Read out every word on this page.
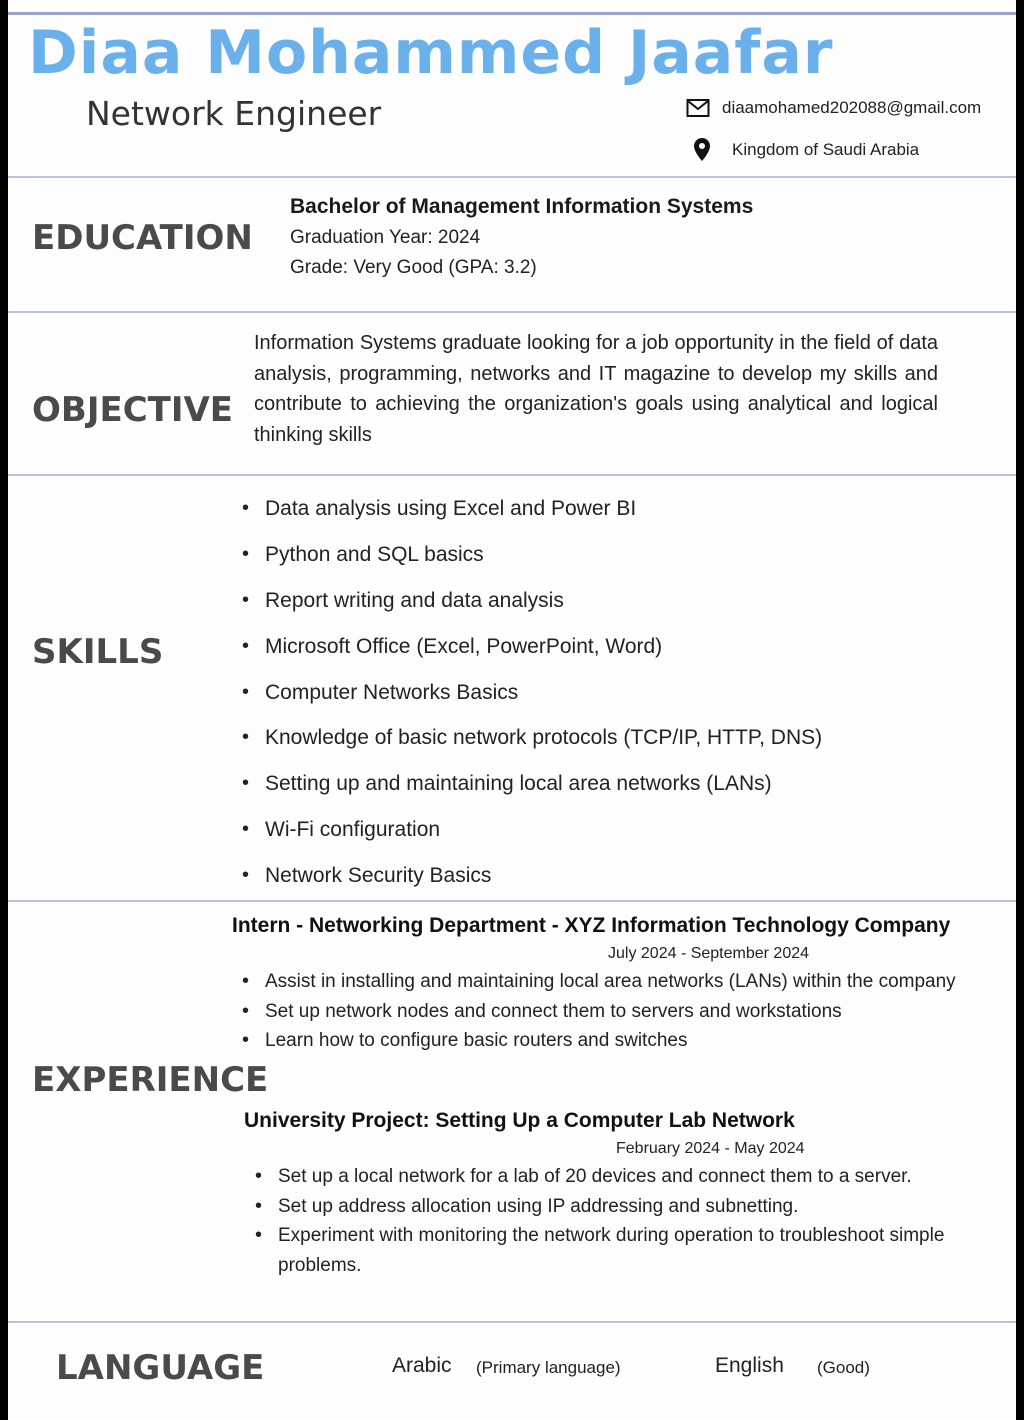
Diaa Mohammed Jaafar
Network Engineer	diaamohamed202088@gmail.com
Kingdom of Saudi Arabia
EDUCATION
Bachelor of Management Information Systems
Graduation Year: 2024
Grade: Very Good (GPA: 3.2)
OBJECTIVE
Information Systems graduate looking for a job opportunity in the field of data analysis, programming, networks and IT magazine to develop my skills and contribute to achieving the organization's goals using analytical and logical thinking skills
SKILLS
• Data analysis using Excel and Power BI
• Python and SQL basics
• Report writing and data analysis
• Microsoft Office (Excel, PowerPoint, Word)
• Computer Networks Basics
• Knowledge of basic network protocols (TCP/IP, HTTP, DNS)
• Setting up and maintaining local area networks (LANs)
• Wi-Fi configuration
• Network Security Basics
EXPERIENCE
Intern - Networking Department - XYZ Information Technology Company
July 2024 - September 2024
• Assist in installing and maintaining local area networks (LANs) within the company
• Set up network nodes and connect them to servers and workstations
• Learn how to configure basic routers and switches
University Project: Setting Up a Computer Lab Network
February 2024 - May 2024
• Set up a local network for a lab of 20 devices and connect them to a server.
• Set up address allocation using IP addressing and subnetting.
• Experiment with monitoring the network during operation to troubleshoot simple problems.
LANGUAGE	Arabic (Primary language)	English (Good)
